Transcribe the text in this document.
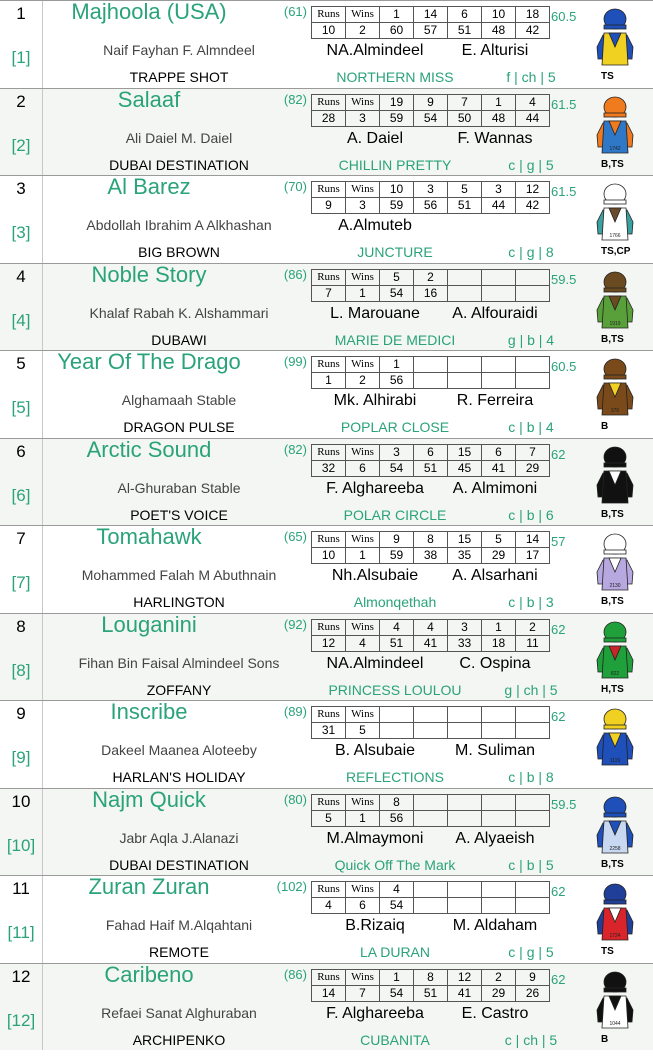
1
[1]
Majhoola (USA)	(61) Runs	Wins	1	14	6	10	18
10	2	60	57	51	48	42
60.5
Naif Fayhan F. Almndeel	NA.Almindeel	E. Alturisi
TRAPPE SHOT	NORTHERN MISS	f | ch | 5	TS
2
[2]
Salaaf	(82) Runs	Wins	19	9	7	1	4
28	3	59	54	50	48	44
61.5
Ali Daiel M. Daiel	A. Daiel	F. Wannas
DUBAI DESTINATION	CHILLIN PRETTY	c | g | 5
1742
B,TS
3
[3]
Al Barez	(70) Runs	Wins	10	3	5	3	12
9	3	59	56	51	44	42
61.5
Abdollah Ibrahim A Alkhashan	A.Almuteb
BIG BROWN	JUNCTURE	c | g | 8
1766
TS,CP
4
[4]
Noble Story	(86) Runs	Wins	5	2			
7	1	54	16			
59.5
Khalaf Rabah K. Alshammari	L. Marouane	A. Alfouraidi
DUBAWI	MARIE DE MEDICI	g | b | 4
1919
B,TS
5
[5]
Year Of The Drago	(99) Runs	Wins	1				
1	2	56				
60.5
Alghamaah Stable	Mk. Alhirabi	R. Ferreira
DRAGON PULSE	POPLAR CLOSE	c | b | 4
376
B
6
[6]
Arctic Sound	(82) Runs	Wins	3	6	15	6	7
32	6	54	51	45	41	29
62
Al-Ghuraban Stable	F. Algharееba	A. Almimoni
POET'S VOICE	POLAR CIRCLE	c | b | 6	B,TS
7
[7]
Tomahawk	(65) Runs	Wins	9	8	15	5	14
10	1	59	38	35	29	17
57
Mohammed Falah M Abuthnain	Nh.Alsubaie	A. Alsarhani
HARLINGTON	Almonqethah	c | b | 3
2130
B,TS
8
[8]
Louganini	(92) Runs	Wins	4	4	3	1	2
12	4	51	41	33	18	11
62
Fihan Bin Faisal Almindeel Sons	NA.Almindeel	C. Ospina
ZOFFANY	PRINCESS LOULOU	g | ch | 5
822
H,TS
9
[9]
Inscribe	(89) Runs	Wins					
31	5					
62
Dakeel Maanea Aloteeby	B. Alsubaie	M. Suliman
HARLAN'S HOLIDAY	REFLECTIONS	c | b | 8
1119
10
[10]
Najm Quick	(80) Runs	Wins	8				
5	1	56				
59.5
Jabr Aqla J.Alanazi	M.Almaymoni	A. Alyaeish
DUBAI DESTINATION	Quick Off The Mark	c | b | 5
2258
B,TS
11
[11]
Zuran Zuran	(102) Runs	Wins	4				
4	6	54				
62
Fahad Haif M.Alqahtani	B.Rizaiq	M. Aldaham
REMOTE	LA DURAN	c | g | 5
1724
TS
12
[12]
Caribeno	(86) Runs	Wins	1	8	12	2	9
14	7	54	51	41	29	26
62
Refaei Sanat Alghuraban	F. Algharееba	E. Castro
ARCHIPENKO	CUBANITA	c | ch | 5
1044
B
